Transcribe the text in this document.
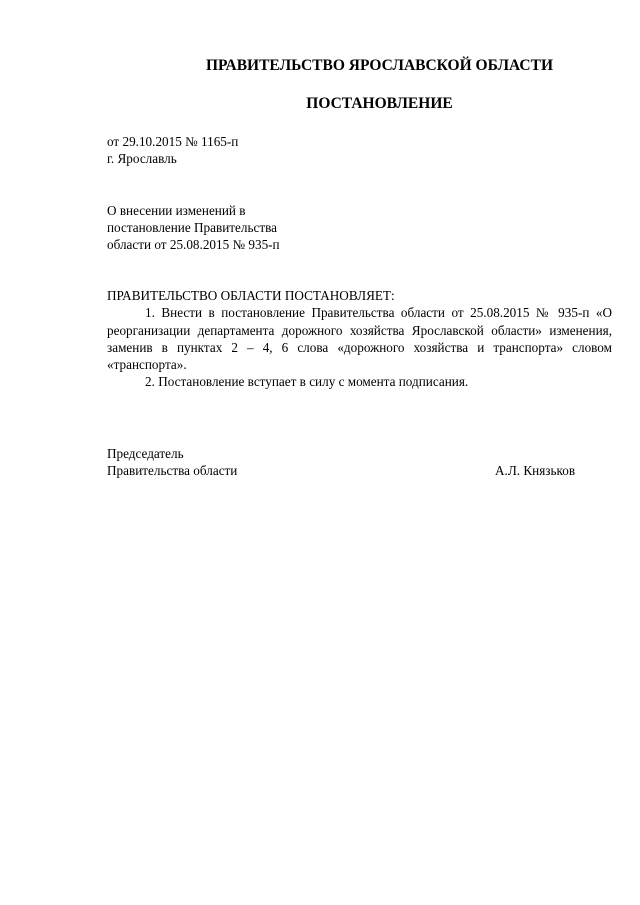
ПРАВИТЕЛЬСТВО ЯРОСЛАВСКОЙ ОБЛАСТИ
ПОСТАНОВЛЕНИЕ
от 29.10.2015 № 1165-п
г. Ярославль
О внесении изменений в
постановление Правительства
области от 25.08.2015 № 935-п

ПРАВИТЕЛЬСТВО ОБЛАСТИ ПОСТАНОВЛЯЕТ:

1. Внести в постановление Правительства области от 25.08.2015 № 935-п «О реорганизации департамента дорожного хозяйства Ярославской области» изменения, заменив в пунктах 2 – 4, 6 слова «дорожного хозяйства и транспорта» словом «транспорта».

2. Постановление вступает в силу с момента подписания.

Председатель
Правительства области	А.Л. Князьков
